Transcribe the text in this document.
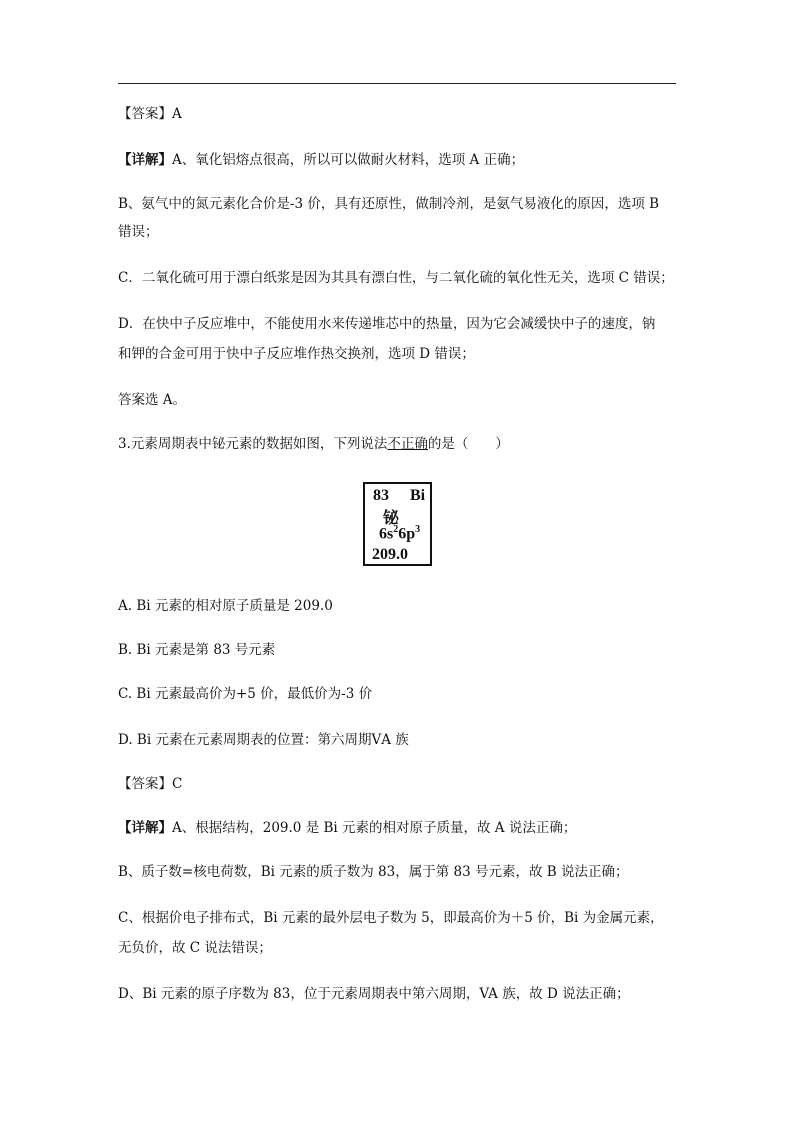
【答案】A
【详解】A、氧化铝熔点很高，所以可以做耐火材料，选项 A 正确；
B、氨气中的氮元素化合价是-3 价，具有还原性，做制冷剂，是氨气易液化的原因，选项 B
错误；
C．二氧化硫可用于漂白纸浆是因为其具有漂白性，与二氧化硫的氧化性无关，选项 C 错误；
D．在快中子反应堆中，不能使用水来传递堆芯中的热量，因为它会减缓快中子的速度，钠
和钾的合金可用于快中子反应堆作热交换剂，选项 D 错误；
答案选 A。
3.元素周期表中铋元素的数据如图，下列说法不正确的是（　　）
83 Bi
铋
$6s^26p^3$
209.0
A. Bi 元素的相对原子质量是 209.0
B. Bi 元素是第 83 号元素
C. Bi 元素最高价为+5 价，最低价为-3 价
D. Bi 元素在元素周期表的位置：第六周期ⅤA 族
【答案】C
【详解】A、根据结构，209.0 是 Bi 元素的相对原子质量，故 A 说法正确；
B、质子数=核电荷数，Bi 元素的质子数为 83，属于第 83 号元素，故 B 说法正确；
C、根据价电子排布式，Bi 元素的最外层电子数为 5，即最高价为＋5 价，Bi 为金属元素，
无负价，故 C 说法错误；
D、Bi 元素的原子序数为 83，位于元素周期表中第六周期，VA 族，故 D 说法正确；
